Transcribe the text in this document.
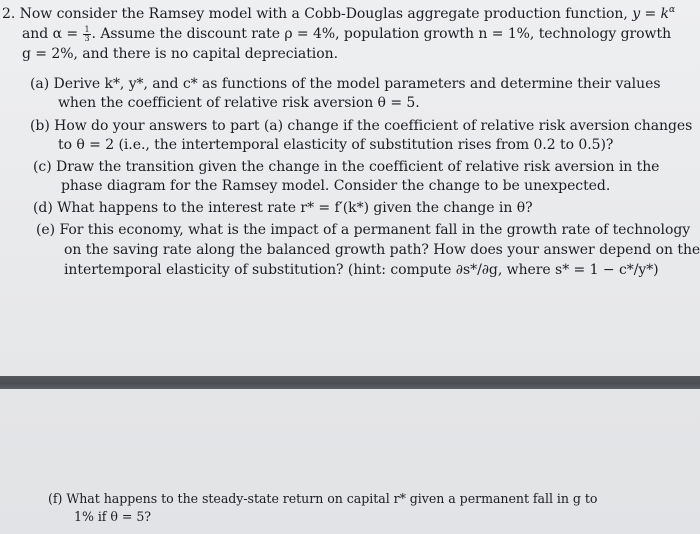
2. Now consider the Ramsey model with a Cobb-Douglas aggregate production function, $y = k^\alpha$
and $\alpha = \frac{1}{3}$ . Assume the discount rate ρ = 4%, population growth n = 1%, technology growth
g = 2%, and there is no capital depreciation.
(a) Derive k*, y*, and c* as functions of the model parameters and determine their values
when the coefficient of relative risk aversion θ = 5.
(b) How do your answers to part (a) change if the coefficient of relative risk aversion changes
to θ = 2 (i.e., the intertemporal elasticity of substitution rises from 0.2 to 0.5)?
(c) Draw the transition given the change in the coefficient of relative risk aversion in the
phase diagram for the Ramsey model. Consider the change to be unexpected.
(d) What happens to the interest rate r* = f′(k*) given the change in θ?
(e) For this economy, what is the impact of a permanent fall in the growth rate of technology
on the saving rate along the balanced growth path? How does your answer depend on the
intertemporal elasticity of substitution? (hint: compute ∂s*/∂g, where s* = 1 − c*/y*)
(f) What happens to the steady-state return on capital r* given a permanent fall in g to
1% if θ = 5?
